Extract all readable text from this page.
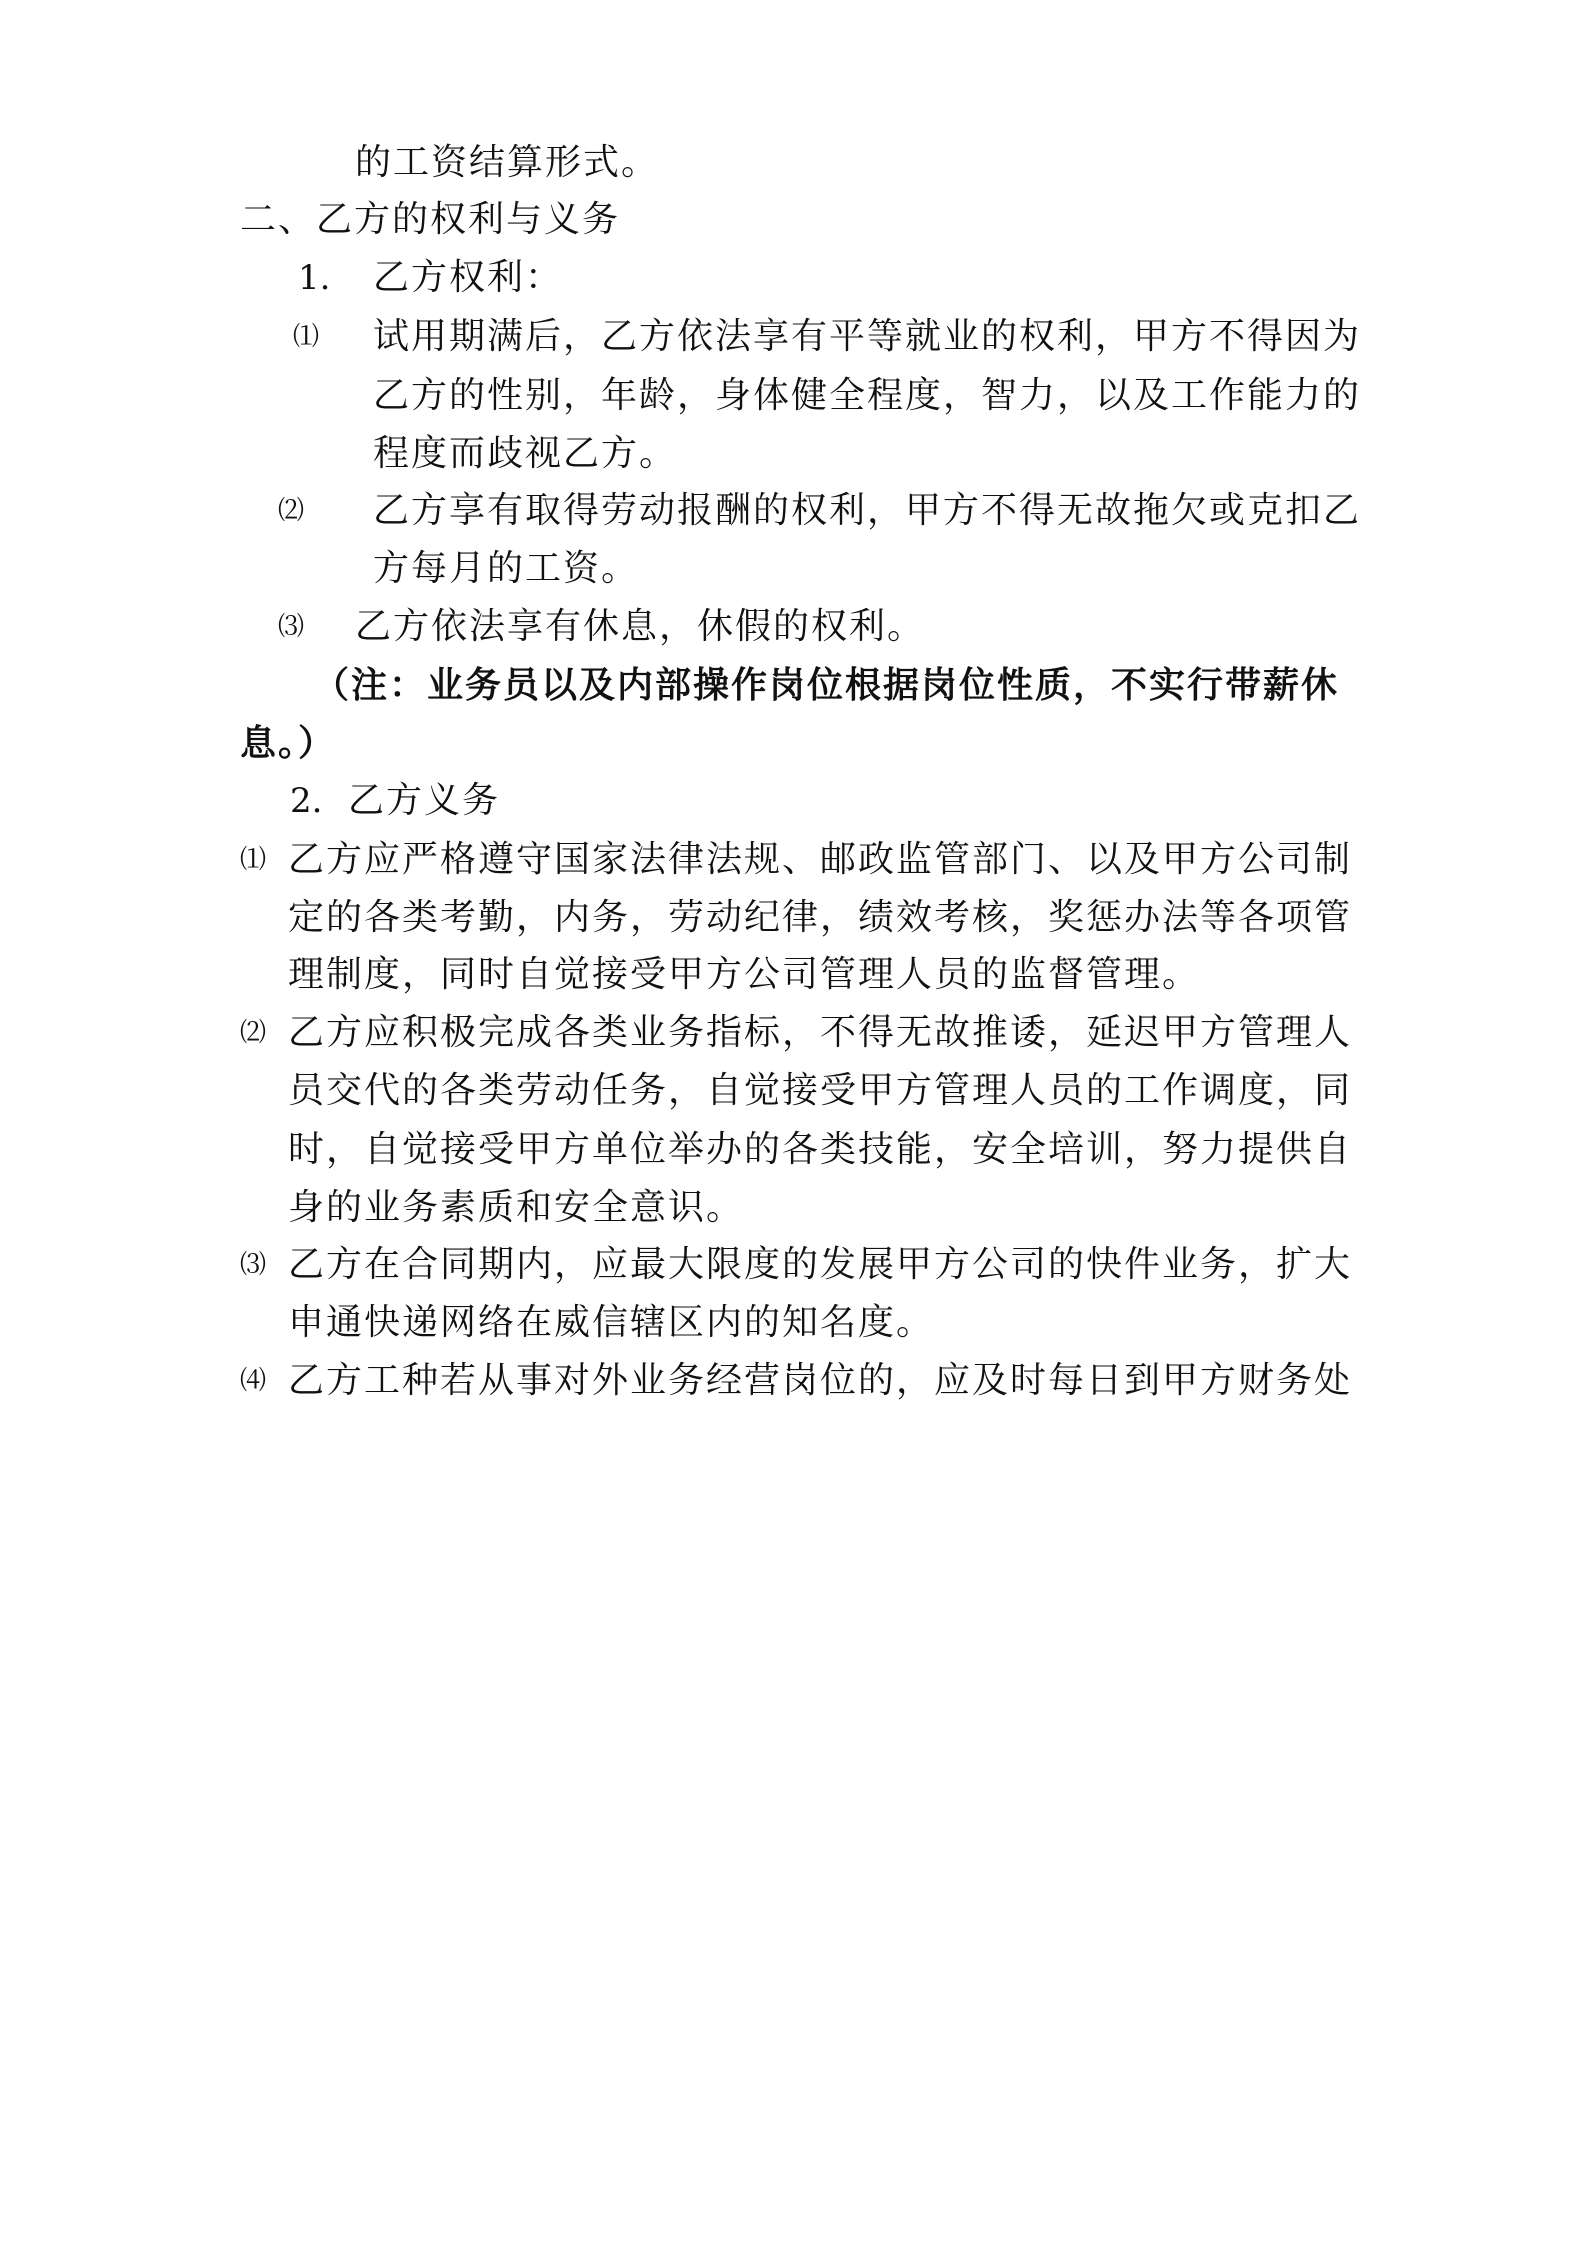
的工资结算形式。
二、乙方的权利与义务
1. 乙方权利：
⑴ 试用期满后，乙方依法享有平等就业的权利，甲方不得因为
乙方的性别，年龄，身体健全程度，智力，以及工作能力的
程度而歧视乙方。
⑵ 乙方享有取得劳动报酬的权利，甲方不得无故拖欠或克扣乙
方每月的工资。
⑶ 乙方依法享有休息，休假的权利。
（注：业务员以及内部操作岗位根据岗位性质，不实行带薪休
息。）
2. 乙方义务
⑴ 乙方应严格遵守国家法律法规、邮政监管部门、以及甲方公司制
定的各类考勤，内务，劳动纪律，绩效考核，奖惩办法等各项管
理制度，同时自觉接受甲方公司管理人员的监督管理。
⑵ 乙方应积极完成各类业务指标，不得无故推诿，延迟甲方管理人
员交代的各类劳动任务，自觉接受甲方管理人员的工作调度，同
时，自觉接受甲方单位举办的各类技能，安全培训，努力提供自
身的业务素质和安全意识。
⑶ 乙方在合同期内，应最大限度的发展甲方公司的快件业务，扩大
申通快递网络在威信辖区内的知名度。
⑷ 乙方工种若从事对外业务经营岗位的，应及时每日到甲方财务处
